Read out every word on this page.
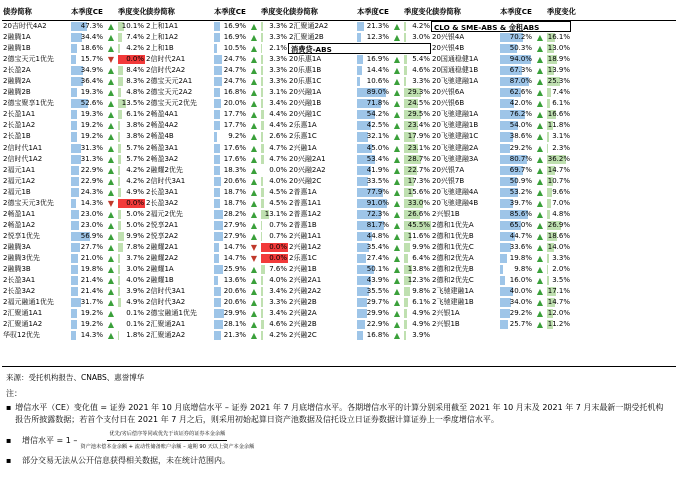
债券简称	本季度CE 季度变化 债券简称	本季度CE 季度变化 债券简称	本季度CE 季度变化 债券简称	本季度CE 季度变化
20吉时代4A2	47.3% ▲	10.1% 2上和1A1	16.9% ▲	3.3% 2汇聚通2A2	21.3% ▲	4.2% CLO & SME-ABS & 金租ABS
2融腾1A	34.4% ▲	7.4% 2上和1A2	16.9% ▲	3.3% 2汇聚通2B	12.3% ▲	3.0% 20兴银4A	70.2% ▲ 16.1%
2融腾1B	18.6% ▲	4.2% 2上和1B	10.5% ▲	2.1% 消费贷-ABS	20兴银4B	50.3% ▲ 13.0%
2德宝天元1优先	15.7% ▼	0.0% 2信时代2A1	24.7% ▲	3.3% 20乐惠1A	16.9% ▲	5.4% 20国通稳健1A	94.0% ▲ 18.9%
2长盈2A	34.9% ▲	8.4% 2信时代2A2	24.7% ▲	3.3% 20乐惠1B	14.4% ▲	4.6% 20国通稳健1B	67.3% ▲ 13.9%
2融腾2A	36.4% ▲	8.3% 2德宝天元2A1	24.7% ▲	3.3% 20乐惠1C	10.6% ▲	3.3% 20飞驰建融1A	87.0% ▲ 25.3%
2融腾2B	19.3% ▲	4.8% 2德宝天元2A2	16.8% ▲	3.1% 20兴融1A	89.0% ▲	29.3% 20兴银6A	62.6% ▲	7.4%
2德宝聚享1优先	52.6% ▲	13.5% 2德宝天元2优先	20.0% ▲	3.4% 20兴融1B	71.8% ▲	24.5% 20兴银6B	42.0% ▲	6.1%
2长盈1A1	19.3% ▲	6.1% 2畅盈4A1	17.7% ▲	4.4% 20兴融1C	54.2% ▲	29.5% 20飞驰建融1A	76.2% ▲ 16.6%
2长盈1A2	19.2% ▲	3.8% 2畅盈4A2	17.7% ▲	4.4% 2乐惠1A	42.5% ▲	23.4% 20飞驰建融1B	54.0% ▲ 11.8%
2长盈1B	19.2% ▲	3.8% 2畅盈4B	9.2% ▲	2.6% 2乐惠1C	32.1% ▲	17.9% 20飞驰建融1C	38.6% ▲	3.1%
2信时代1A1	31.3% ▲	5.7% 2畅盈3A1	17.6% ▲	4.7% 2兴融1A	45.0% ▲	23.1% 20飞驰建融2A	29.2% ▲	2.3%
2信时代1A2	31.3% ▲	5.7% 2畅盈3A2	17.6% ▲	4.7% 20兴融2A1	53.4% ▲	28.7% 20飞驰建融3A	80.7% ▲ 36.2%
2福元1A1	22.9% ▲	4.2% 2融耀2优先	18.3% ▲	0.0% 20兴融2A2	41.9% ▲	22.7% 20兴银7A	69.7% ▲ 14.7%
2福元1A2	22.9% ▲	4.2% 2信时代3A1	20.6% ▲	4.0% 20兴融2C	33.5% ▲	17.3% 20兴银7B	50.9% ▲ 10.7%
2福元1B	24.3% ▲	4.9% 2长盈3A1	18.7% ▲	4.5% 2普惠1A	77.9% ▲	15.6% 20飞驰建融4A	53.2% ▲	9.6%
2德宝天元3优先	14.3% ▼	0.0% 2长盈3A2	18.7% ▲	4.5% 2普惠1A1	91.0% ▲	33.0% 20飞驰建融4B	39.7% ▲	7.0%
2畅盈1A1	23.0% ▲	5.0% 2福元2优先	28.2% ▲	13.1% 2普惠1A2	72.3% ▲	26.6% 2兴银1B	85.6% ▲	4.8%
2畅盈1A2	23.0% ▲	5.0% 2悦享2A1	27.9% ▲	0.7% 2普惠1B	81.7% ▲	45.5% 2德和1优先A	65.0% ▲ 26.9%
2悦享1优先	56.9% ▲	9.9% 2悦享2A2	27.9% ▲	0.7% 2兴融1A1	44.8% ▲	11.6% 2德和1优先B	44.7% ▲ 18.6%
2融腾3A	27.7% ▲	7.8% 2融耀2A1	14.7% ▼	0.0% 2兴融1A2	35.4% ▲	9.9% 2德和1优先C	33.6% ▲ 14.0%
2融腾3优先	21.0% ▲	3.7% 2融耀2A2	14.7% ▼	0.0% 2乐惠1C	27.4% ▲	6.4% 2德和2优先A	19.8% ▲	3.3%
2融腾3B	19.8% ▲	3.0% 2融耀1A	25.9% ▲	7.6% 2兴融1B	50.1% ▲	13.8% 2德和2优先B	9.8% ▲	2.0%
2长盈3A1	21.4% ▲	4.0% 2融耀1B	13.6% ▲	4.0% 2兴融2A1	43.9% ▲	12.3% 2德和2优先C	16.0% ▲	3.5%
2长盈3A2	21.4% ▲	3.9% 2信时代3A1	20.6% ▲	3.4% 2兴融2A2	35.5% ▲	9.8% 2飞驰建融1A	40.0% ▲ 17.1%
2福元融通1优先	31.7% ▲	4.9% 2信时代3A2	20.6% ▲	3.3% 2兴融2B	29.7% ▲	6.1% 2飞驰建融1B	34.0% ▲ 14.7%
2汇聚通1A1	19.2% ▲	0.1% 2德宝融通1优先	29.9% ▲	3.4% 2兴融2A	29.9% ▲	4.9% 2兴银1A	29.2% ▲ 12.0%
2汇聚通1A2	19.2% ▲	0.1% 2汇聚通2A1	28.1% ▲	4.6% 2兴融2B	22.9% ▲	4.9% 2兴银1B	25.7% ▲ 11.2%
华驭12优先	14.3% ▲	1.8% 2汇聚通2A2	21.3% ▲	4.2% 2兴融2C	16.8% ▲	3.9%
来源：受托机构报告、CNABS、惠誉博华
注：
▪ 增信水平（CE）变化值 = 证券 2021 年 10 月底增信水平 – 证券 2021 年 7 月底增信水平。各期增信水平的计算分别采用截至 2021 年 10 月末及 2021 年 7 月末最新一期受托机构报告所披露数据；若首个支付日在 2021 年 7 月之后，则采用初始起算日资产池数据及信托设立日证券数据计算证券上一季度增信水平。
▪	增信水平 = $1 - \frac{\text{优先/劣后偿序等同或优先于该证券的证券本金余额}}{\text{资产池未偿本金余额 + 流动性储备账户余额 – 逾期 90 天以上资产本金余额}}$
▪	部分交易无法从公开信息获得相关数据，未在统计范围内。
